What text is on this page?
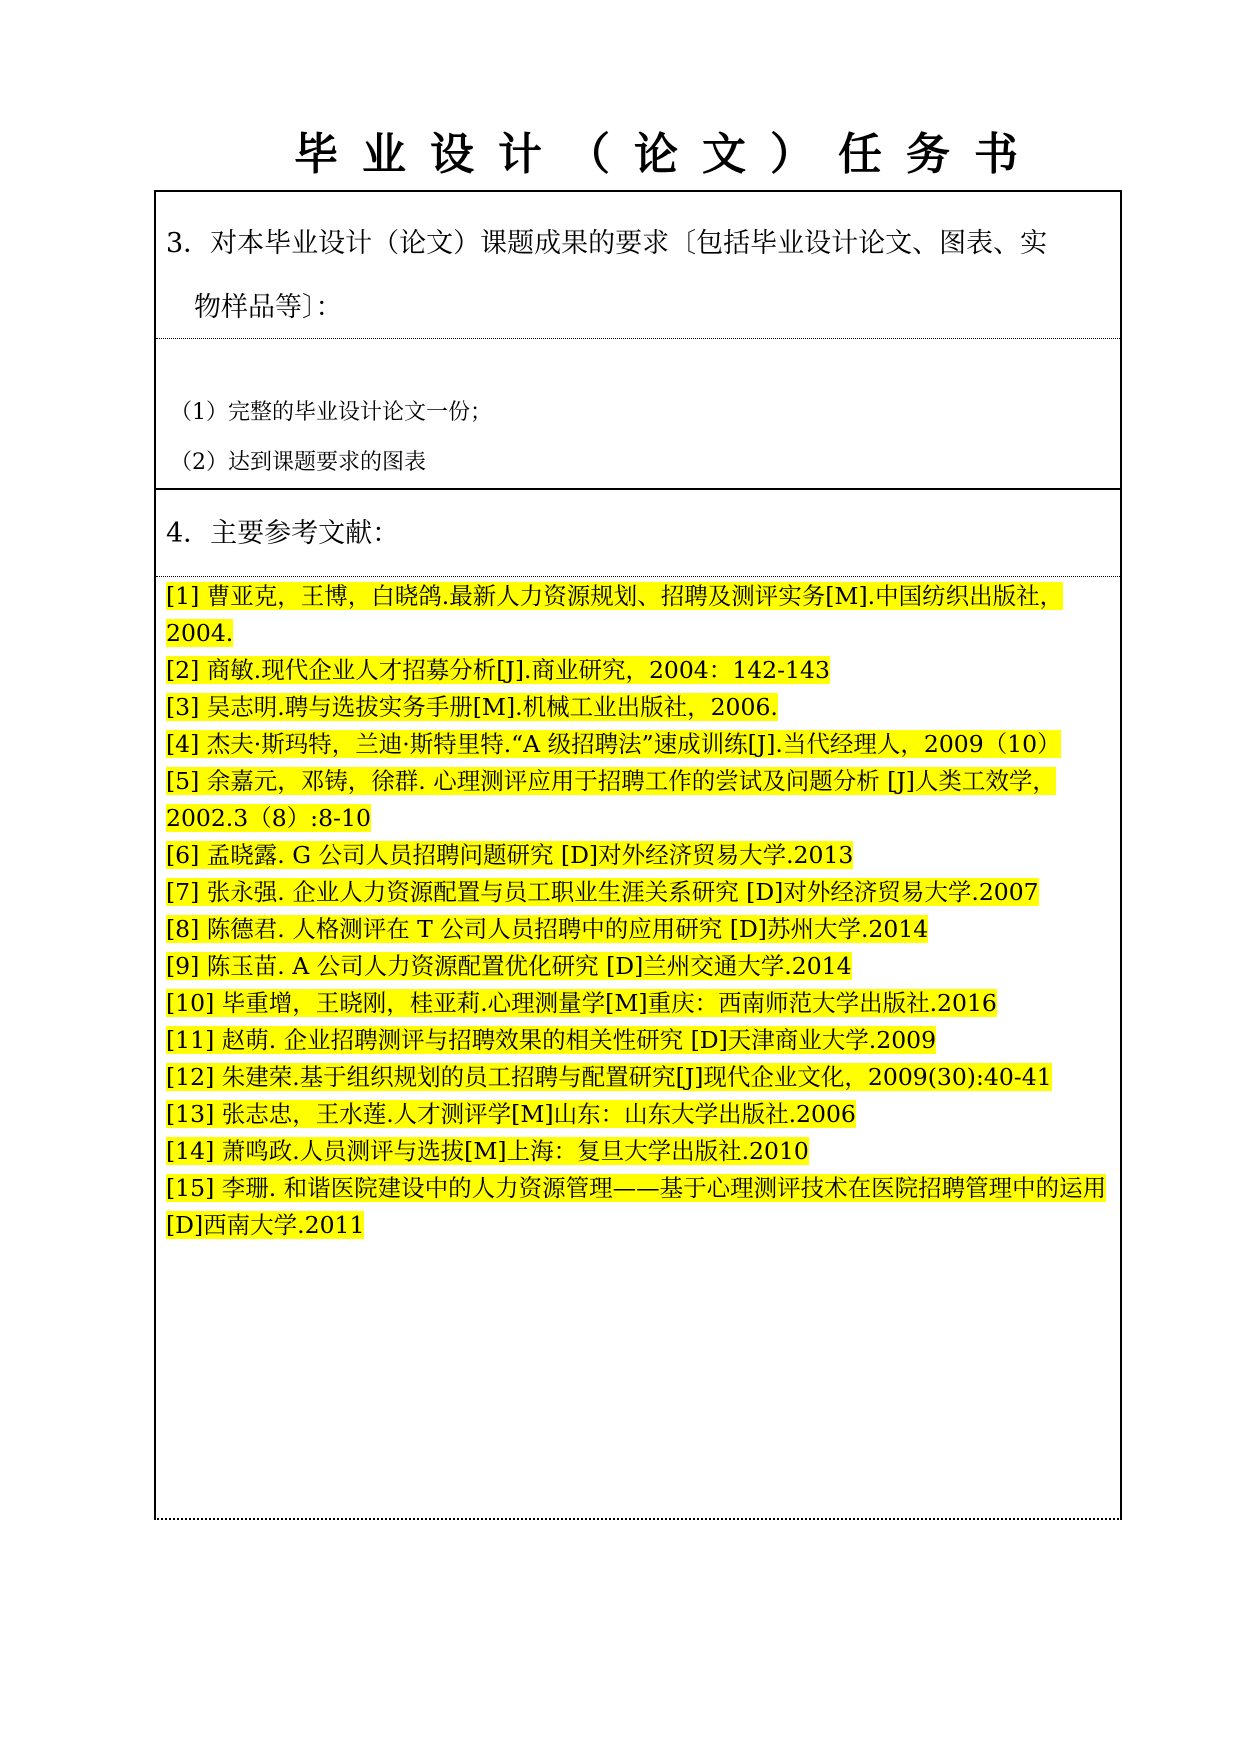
毕业设计（论文）任务书

3．对本毕业设计（论文）课题成果的要求〔包括毕业设计论文、图表、实
物样品等〕：

（1）完整的毕业设计论文一份；
（2）达到课题要求的图表

4．主要参考文献：

[1] 曹亚克，王博，白晓鸽.最新人力资源规划、招聘及测评实务[M].中国纺织出版社，2004.
[2] 商敏.现代企业人才招募分析[J].商业研究，2004：142-143
[3] 吴志明.聘与选拔实务手册[M].机械工业出版社，2006.
[4] 杰夫·斯玛特，兰迪·斯特里特.“A 级招聘法”速成训练[J].当代经理人，2009（10）
[5] 余嘉元，邓铸，徐群. 心理测评应用于招聘工作的尝试及问题分析 [J]人类工效学，2002.3（8）:8-10
[6] 孟晓露. G 公司人员招聘问题研究 [D]对外经济贸易大学.2013
[7] 张永强. 企业人力资源配置与员工职业生涯关系研究 [D]对外经济贸易大学.2007
[8] 陈德君. 人格测评在 T 公司人员招聘中的应用研究 [D]苏州大学.2014
[9] 陈玉苗. A 公司人力资源配置优化研究 [D]兰州交通大学.2014
[10] 毕重增，王晓刚，桂亚莉.心理测量学[M]重庆：西南师范大学出版社.2016
[11] 赵萌. 企业招聘测评与招聘效果的相关性研究 [D]天津商业大学.2009
[12] 朱建荣.基于组织规划的员工招聘与配置研究[J]现代企业文化，2009(30):40-41
[13] 张志忠，王水莲.人才测评学[M]山东：山东大学出版社.2006
[14] 萧鸣政.人员测评与选拔[M]上海：复旦大学出版社.2010
[15] 李珊. 和谐医院建设中的人力资源管理——基于心理测评技术在医院招聘管理中的运用 [D]西南大学.2011
